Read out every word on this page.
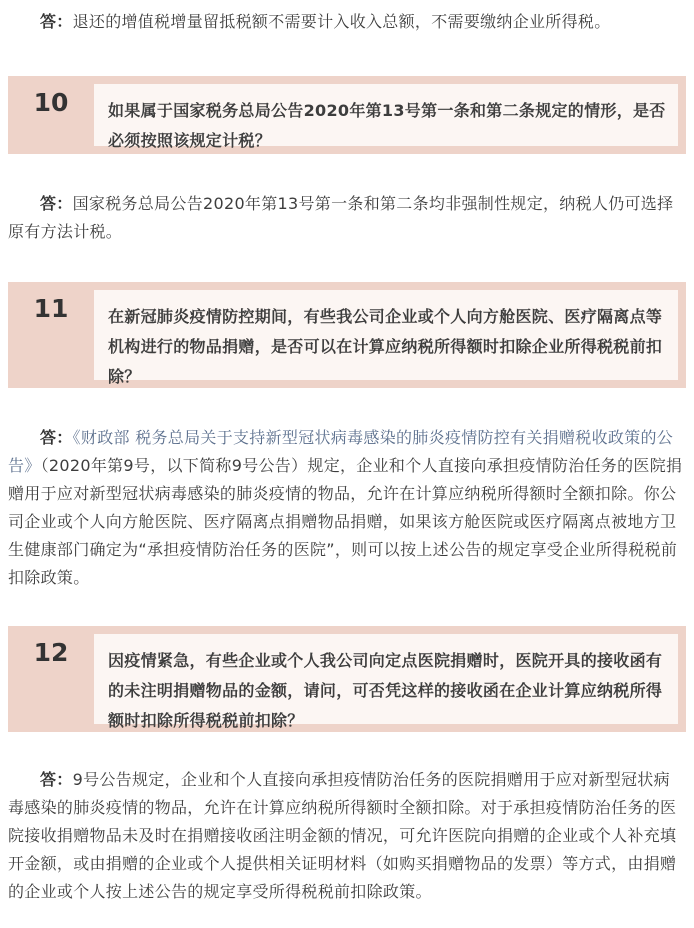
答：退还的增值税增量留抵税额不需要计入收入总额，不需要缴纳企业所得税。

10	如果属于国家税务总局公告2020年第13号第一条和第二条规定的情形，是否必须按照该规定计税？

答：国家税务总局公告2020年第13号第一条和第二条均非强制性规定，纳税人仍可选择原有方法计税。

11	在新冠肺炎疫情防控期间，有些我公司企业或个人向方舱医院、医疗隔离点等机构进行的物品捐赠，是否可以在计算应纳税所得额时扣除企业所得税税前扣除？

答：《财政部 税务总局关于支持新型冠状病毒感染的肺炎疫情防控有关捐赠税收政策的公告》（2020年第9号，以下简称9号公告）规定，企业和个人直接向承担疫情防治任务的医院捐赠用于应对新型冠状病毒感染的肺炎疫情的物品，允许在计算应纳税所得额时全额扣除。你公司企业或个人向方舱医院、医疗隔离点捐赠物品捐赠，如果该方舱医院或医疗隔离点被地方卫生健康部门确定为“承担疫情防治任务的医院”，则可以按上述公告的规定享受企业所得税税前扣除政策。

12	因疫情紧急，有些企业或个人我公司向定点医院捐赠时，医院开具的接收函有的未注明捐赠物品的金额，请问，可否凭这样的接收函在企业计算应纳税所得额时扣除所得税税前扣除？

答：9号公告规定，企业和个人直接向承担疫情防治任务的医院捐赠用于应对新型冠状病毒感染的肺炎疫情的物品，允许在计算应纳税所得额时全额扣除。对于承担疫情防治任务的医院接收捐赠物品未及时在捐赠接收函注明金额的情况，可允许医院向捐赠的企业或个人补充填开金额，或由捐赠的企业或个人提供相关证明材料（如购买捐赠物品的发票）等方式，由捐赠的企业或个人按上述公告的规定享受所得税税前扣除政策。
